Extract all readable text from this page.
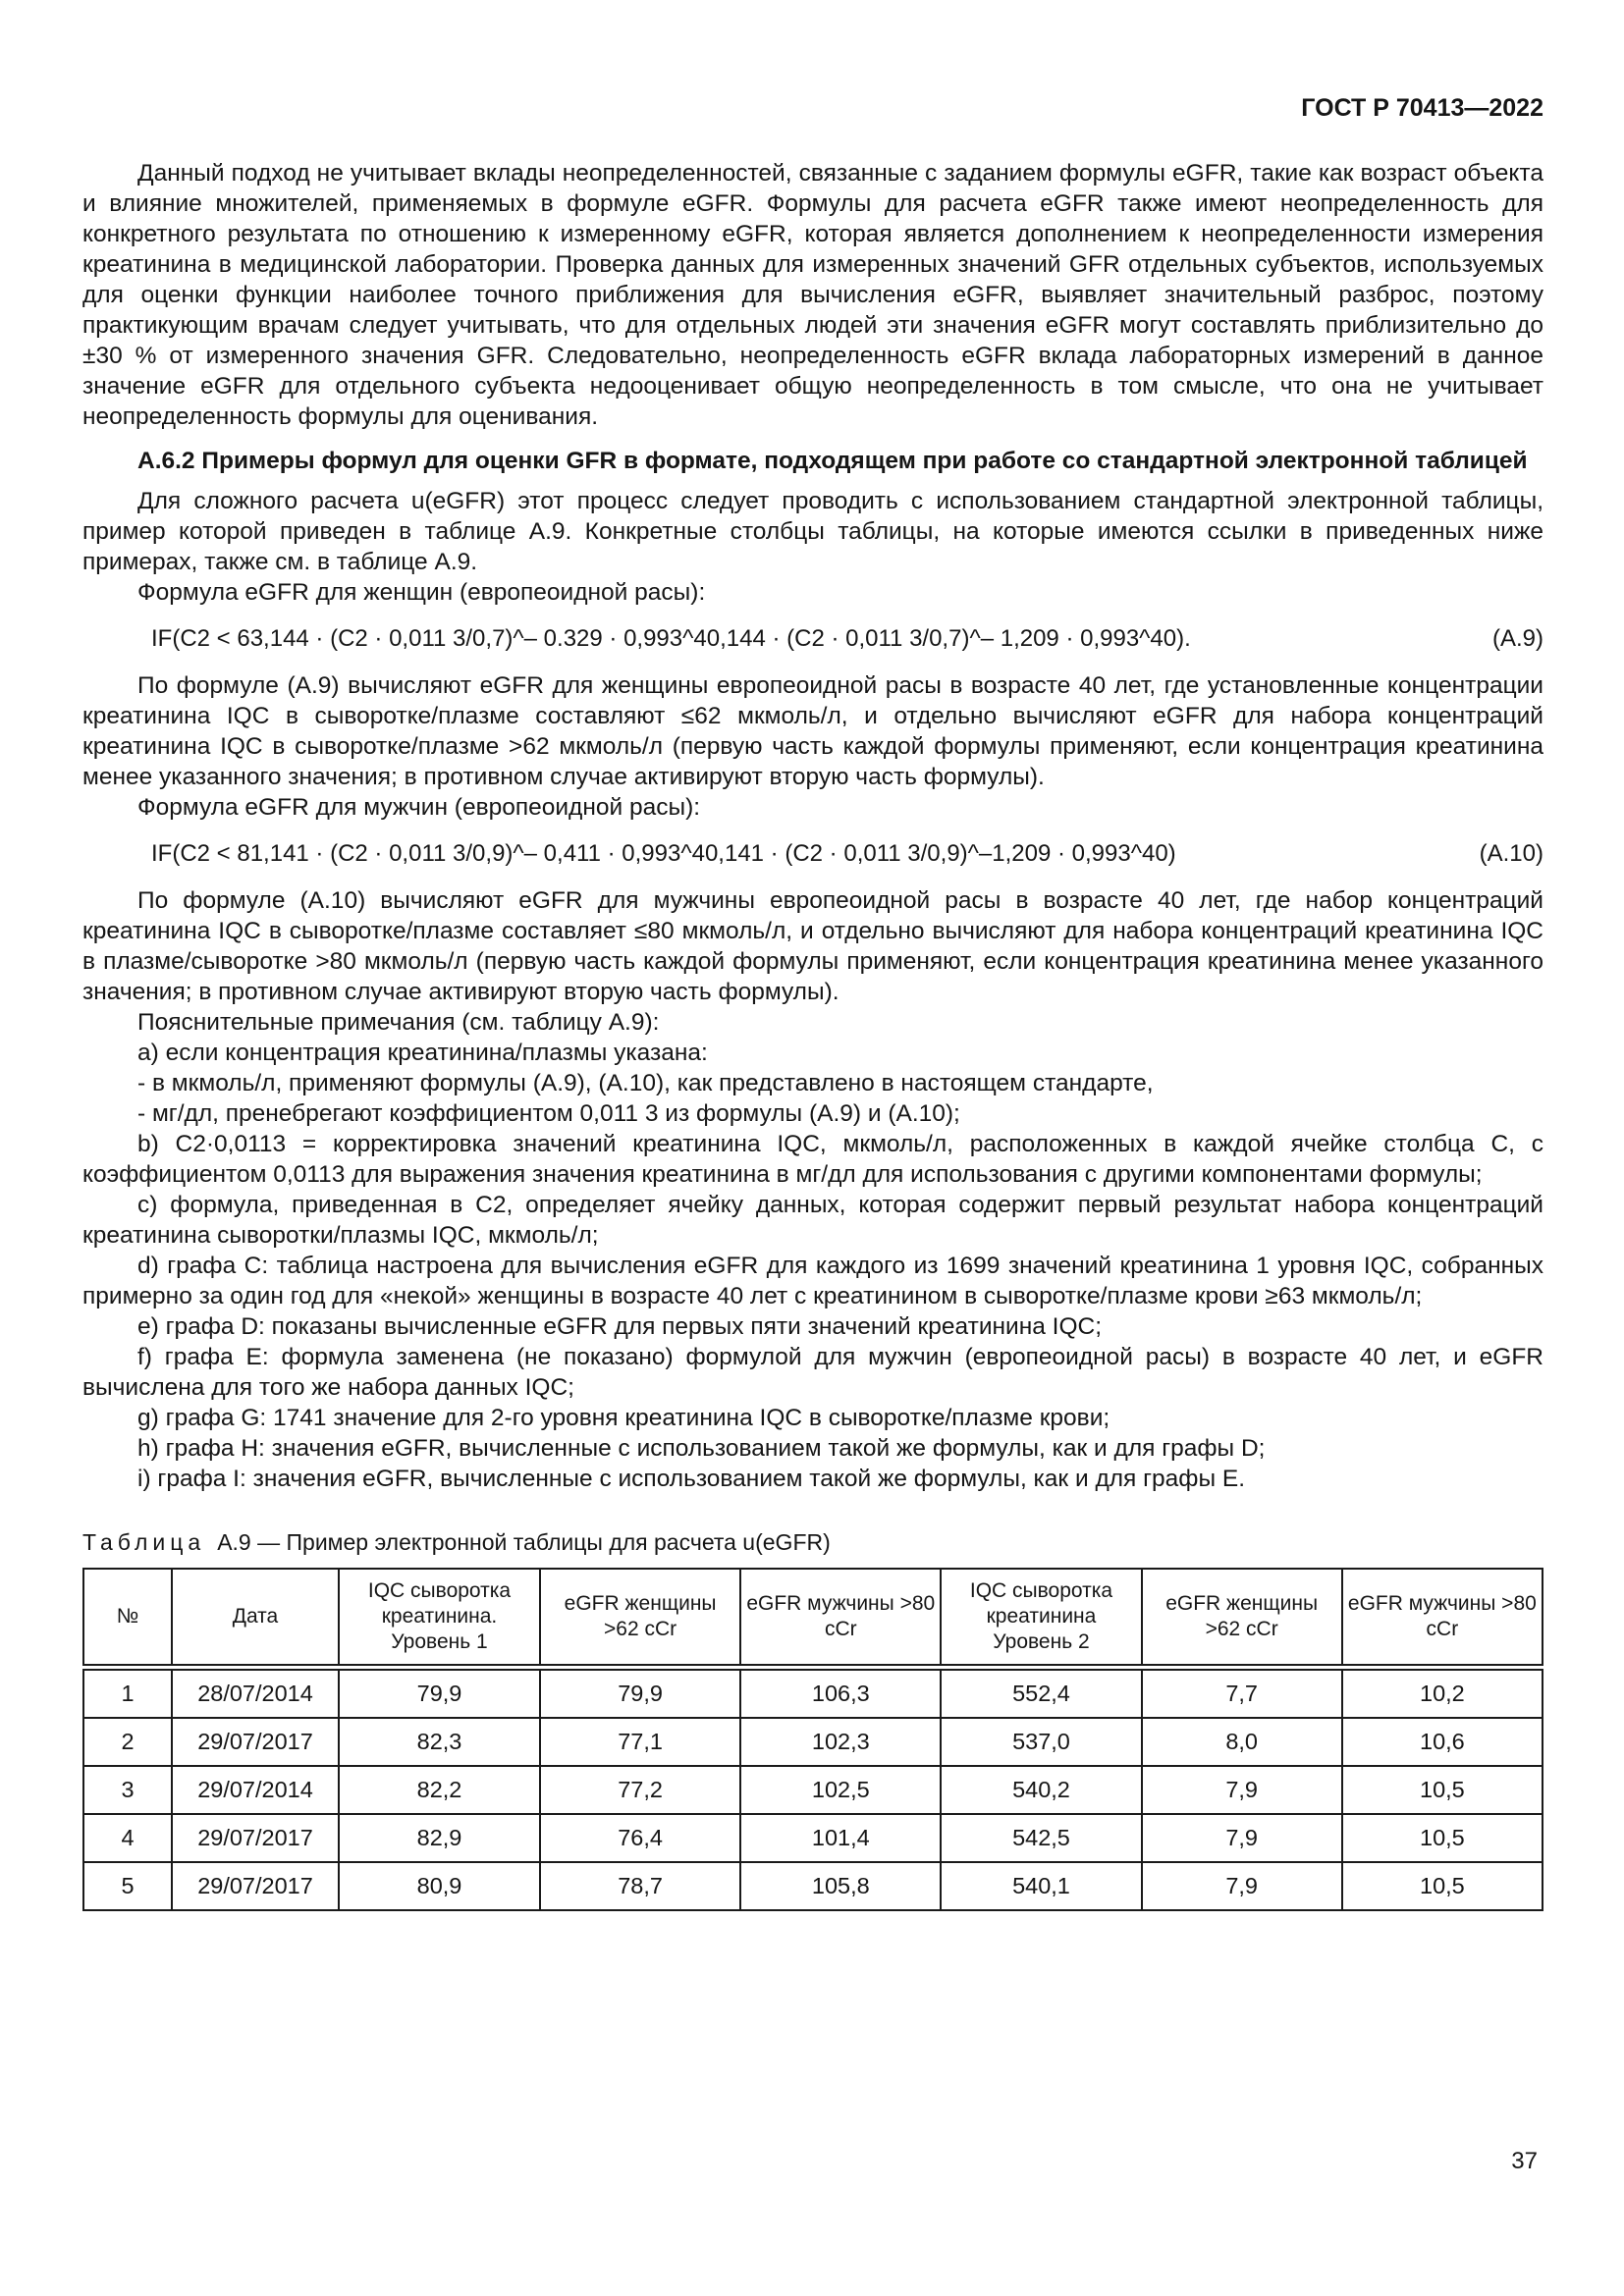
ГОСТ Р 70413—2022

Данный подход не учитывает вклады неопределенностей, связанные с заданием формулы eGFR, такие как возраст объекта и влияние множителей, применяемых в формуле eGFR. Формулы для расчета eGFR также имеют неопределенность для конкретного результата по отношению к измеренному eGFR, которая является дополнением к неопределенности измерения креатинина в медицинской лаборатории. Проверка данных для измеренных значений GFR отдельных субъектов, используемых для оценки функции наиболее точного приближения для вычисления eGFR, выявляет значительный разброс, поэтому практикующим врачам следует учитывать, что для отдельных людей эти значения eGFR могут составлять приблизительно до ±30 % от измеренного значения GFR. Следовательно, неопределенность eGFR вклада лабораторных измерений в данное значение eGFR для отдельного субъекта недооценивает общую неопределенность в том смысле, что она не учитывает неопределенность формулы для оценивания.

А.6.2 Примеры формул для оценки GFR в формате, подходящем при работе со стандартной электронной таблицей

Для сложного расчета u(eGFR) этот процесс следует проводить с использованием стандартной электронной таблицы, пример которой приведен в таблице А.9. Конкретные столбцы таблицы, на которые имеются ссылки в приведенных ниже примерах, также см. в таблице А.9.

Формула eGFR для женщин (европеоидной расы):

IF(C2 < 63,144 · (C2 · 0,011 3/0,7)^– 0.329 · 0,993^40,144 · (C2 · 0,011 3/0,7)^– 1,209 · 0,993^40).	(А.9)

По формуле (А.9) вычисляют eGFR для женщины европеоидной расы в возрасте 40 лет, где установленные концентрации креатинина IQC в сыворотке/плазме составляют ≤62 мкмоль/л, и отдельно вычисляют eGFR для набора концентраций креатинина IQC в сыворотке/плазме >62 мкмоль/л (первую часть каждой формулы применяют, если концентрация креатинина менее указанного значения; в противном случае активируют вторую часть формулы).

Формула eGFR для мужчин (европеоидной расы):

IF(C2 < 81,141 · (C2 · 0,011 3/0,9)^– 0,411 · 0,993^40,141 · (C2 · 0,011 3/0,9)^–1,209 · 0,993^40)	(А.10)

По формуле (А.10) вычисляют eGFR для мужчины европеоидной расы в возрасте 40 лет, где набор концентраций креатинина IQC в сыворотке/плазме составляет ≤80 мкмоль/л, и отдельно вычисляют для набора концентраций креатинина IQC в плазме/сыворотке >80 мкмоль/л (первую часть каждой формулы применяют, если концентрация креатинина менее указанного значения; в противном случае активируют вторую часть формулы).

Пояснительные примечания (см. таблицу А.9):

а) если концентрация креатинина/плазмы указана:

- в мкмоль/л, применяют формулы (А.9), (А.10), как представлено в настоящем стандарте,

- мг/дл, пренебрегают коэффициентом 0,011 3 из формулы (А.9) и (А.10);

b) C2·0,0113 = корректировка значений креатинина IQC, мкмоль/л, расположенных в каждой ячейке столбца C, с коэффициентом 0,0113 для выражения значения креатинина в мг/дл для использования с другими компонентами формулы;

c) формула, приведенная в C2, определяет ячейку данных, которая содержит первый результат набора концентраций креатинина сыворотки/плазмы IQC, мкмоль/л;

d) графа C: таблица настроена для вычисления eGFR для каждого из 1699 значений креатинина 1 уровня IQC, собранных примерно за один год для «некой» женщины в возрасте 40 лет с креатинином в сыворотке/плазме крови ≥63 мкмоль/л;

e) графа D: показаны вычисленные eGFR для первых пяти значений креатинина IQC;

f) графа E: формула заменена (не показано) формулой для мужчин (европеоидной расы) в возрасте 40 лет, и eGFR вычислена для того же набора данных IQC;

g) графа G: 1741 значение для 2-го уровня креатинина IQC в сыворотке/плазме крови;

h) графа H: значения eGFR, вычисленные с использованием такой же формулы, как и для графы D;

i) графа I: значения eGFR, вычисленные с использованием такой же формулы, как и для графы E.

Таблица А.9 — Пример электронной таблицы для расчета u(eGFR)

№	Дата	IQC сыворотка креатинина. Уровень 1	eGFR женщины >62 сCr	eGFR мужчины >80 сCr	IQC сыворотка креатинина Уровень 2	eGFR женщины >62 сCr	eGFR мужчины >80 сCr
1	28/07/2014	79,9	79,9	106,3	552,4	7,7	10,2
2	29/07/2017	82,3	77,1	102,3	537,0	8,0	10,6
3	29/07/2014	82,2	77,2	102,5	540,2	7,9	10,5
4	29/07/2017	82,9	76,4	101,4	542,5	7,9	10,5
5	29/07/2017	80,9	78,7	105,8	540,1	7,9	10,5
37
